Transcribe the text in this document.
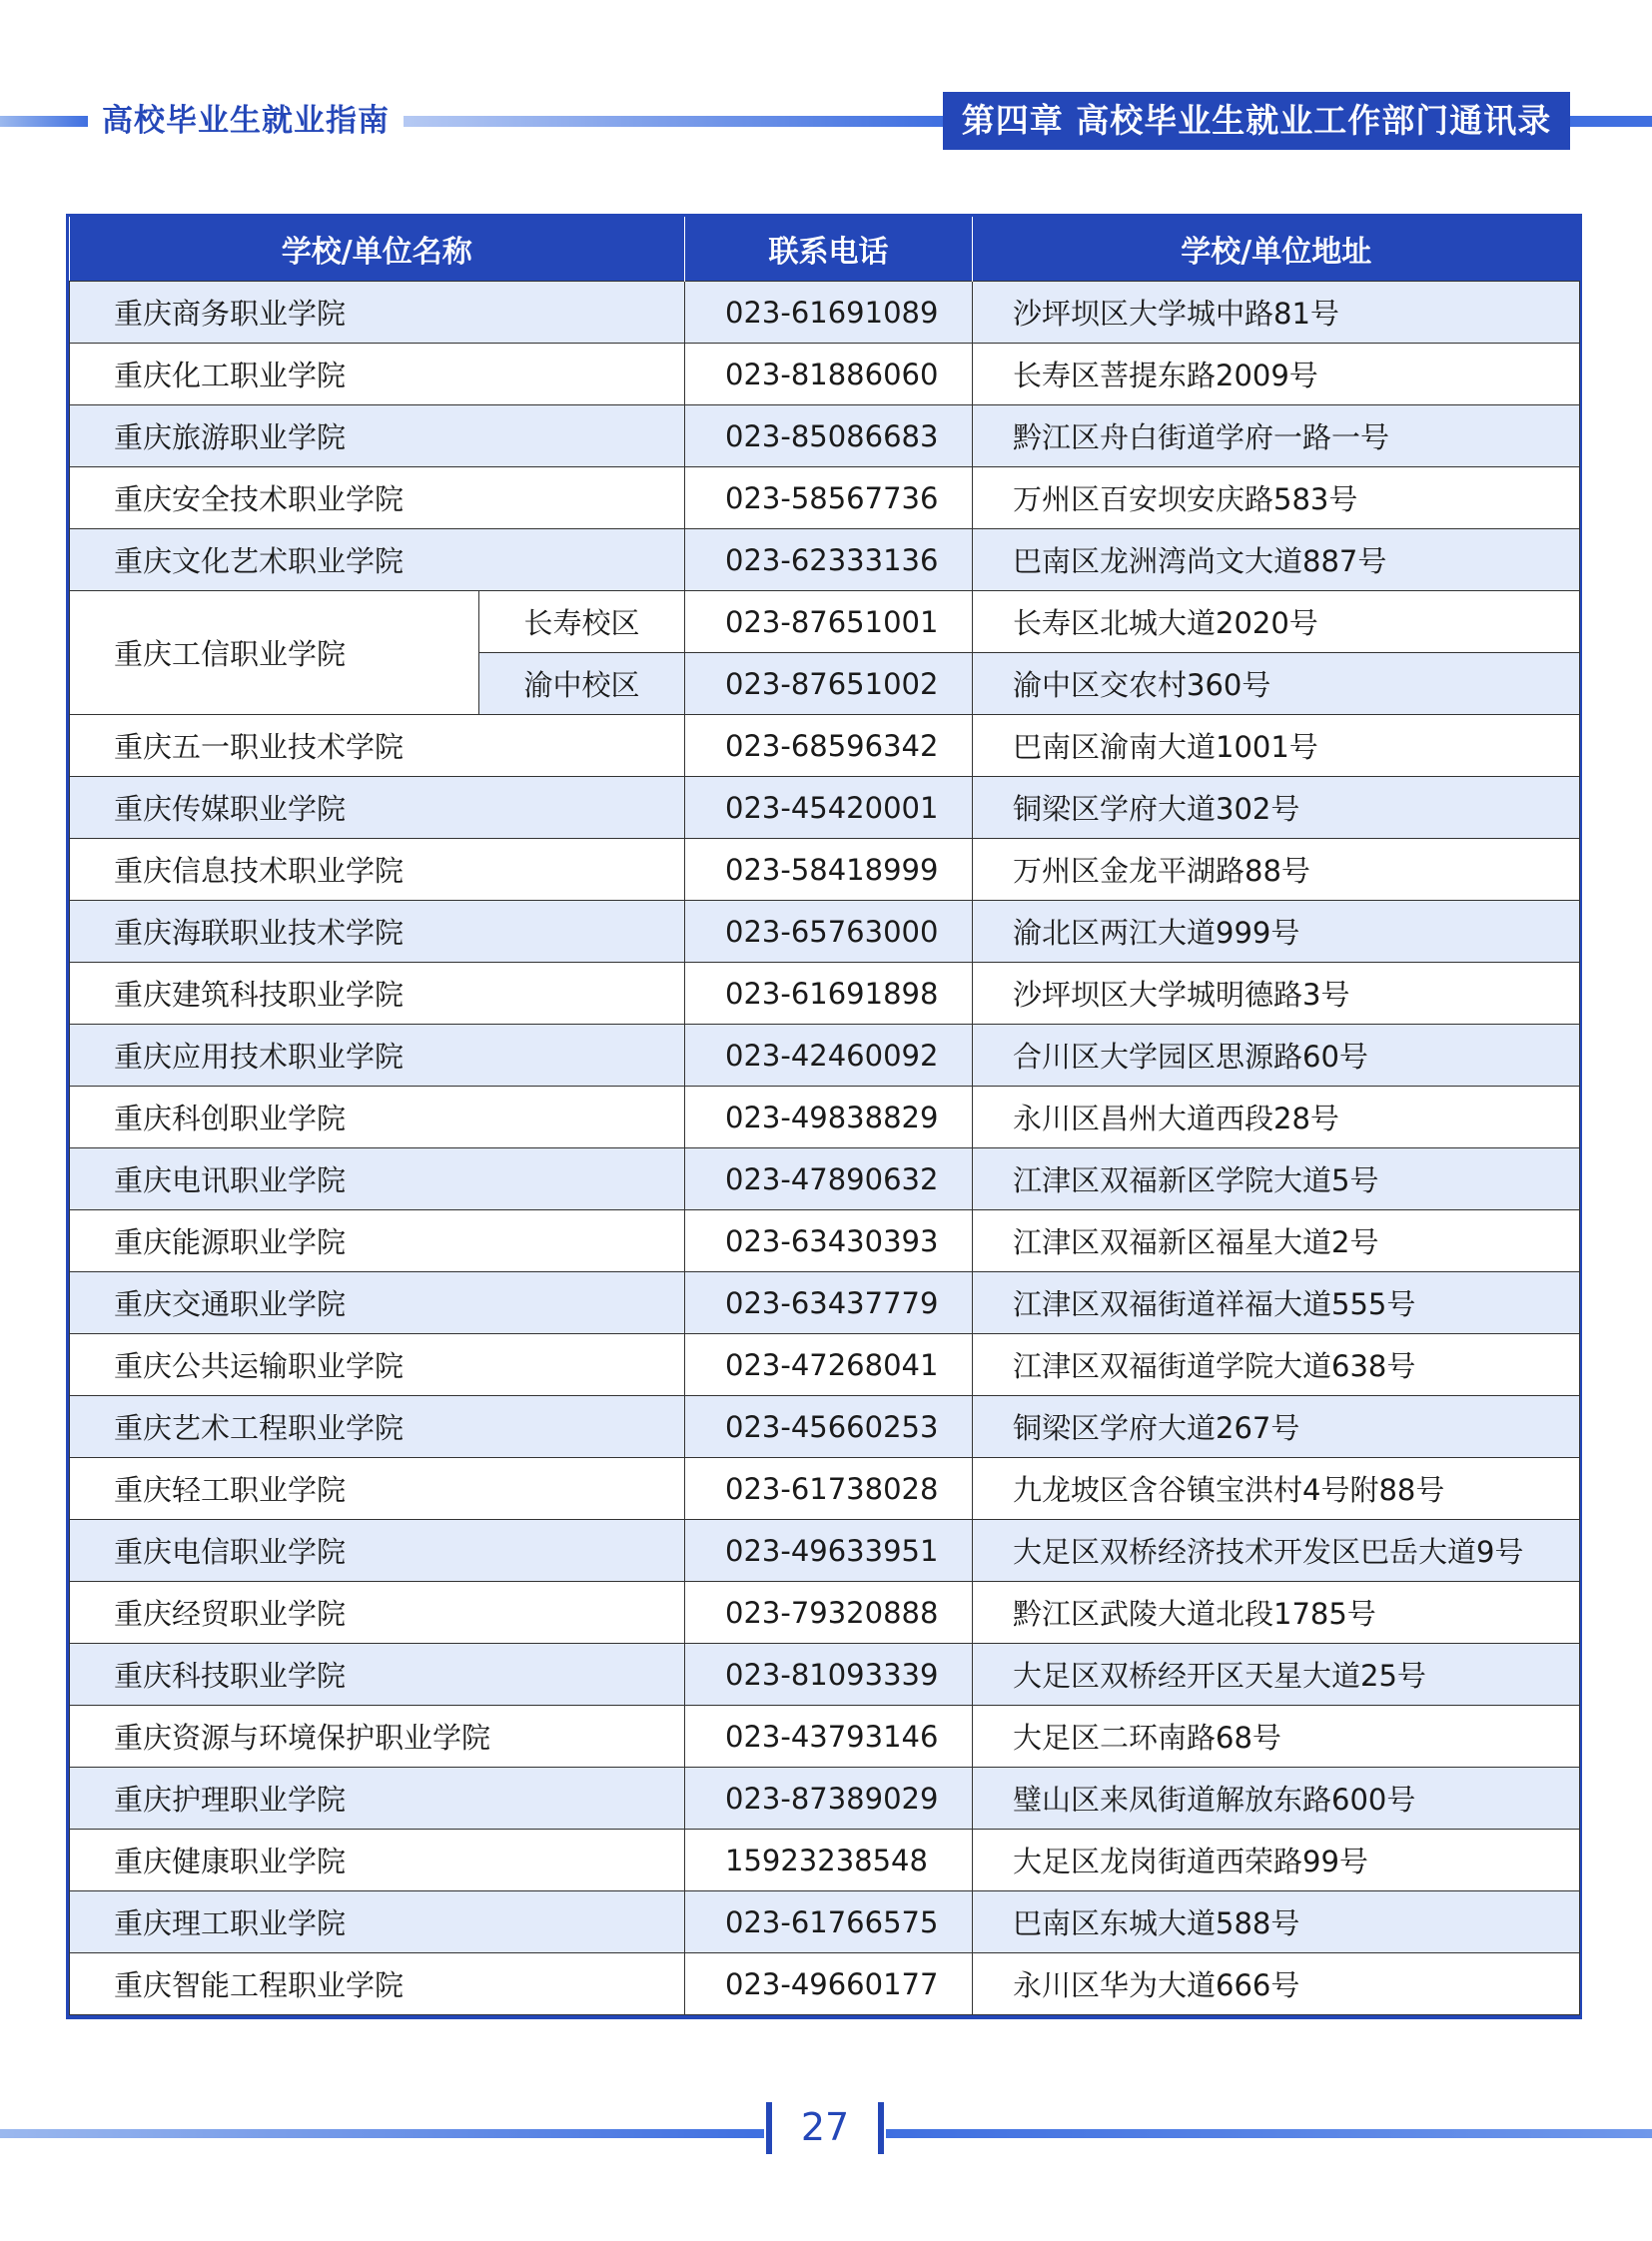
高校毕业生就业指南	第四章 高校毕业生就业工作部门通讯录
学校/单位名称		联系电话	学校/单位地址
重庆商务职业学院		023-61691089	沙坪坝区大学城中路81号
重庆化工职业学院		023-81886060	长寿区菩提东路2009号
重庆旅游职业学院		023-85086683	黔江区舟白街道学府一路一号
重庆安全技术职业学院		023-58567736	万州区百安坝安庆路583号
重庆文化艺术职业学院		023-62333136	巴南区龙洲湾尚文大道887号
重庆工信职业学院	长寿校区	023-87651001	长寿区北城大道2020号
	渝中校区	023-87651002	渝中区交农村360号
重庆五一职业技术学院		023-68596342	巴南区渝南大道1001号
重庆传媒职业学院		023-45420001	铜梁区学府大道302号
重庆信息技术职业学院		023-58418999	万州区金龙平湖路88号
重庆海联职业技术学院		023-65763000	渝北区两江大道999号
重庆建筑科技职业学院		023-61691898	沙坪坝区大学城明德路3号
重庆应用技术职业学院		023-42460092	合川区大学园区思源路60号
重庆科创职业学院		023-49838829	永川区昌州大道西段28号
重庆电讯职业学院		023-47890632	江津区双福新区学院大道5号
重庆能源职业学院		023-63430393	江津区双福新区福星大道2号
重庆交通职业学院		023-63437779	江津区双福街道祥福大道555号
重庆公共运输职业学院		023-47268041	江津区双福街道学院大道638号
重庆艺术工程职业学院		023-45660253	铜梁区学府大道267号
重庆轻工职业学院		023-61738028	九龙坡区含谷镇宝洪村4号附88号
重庆电信职业学院		023-49633951	大足区双桥经济技术开发区巴岳大道9号
重庆经贸职业学院		023-79320888	黔江区武陵大道北段1785号
重庆科技职业学院		023-81093339	大足区双桥经开区天星大道25号
重庆资源与环境保护职业学院		023-43793146	大足区二环南路68号
重庆护理职业学院		023-87389029	璧山区来凤街道解放东路600号
重庆健康职业学院		15923238548	大足区龙岗街道西荣路99号
重庆理工职业学院		023-61766575	巴南区东城大道588号
重庆智能工程职业学院		023-49660177	永川区华为大道666号
27
